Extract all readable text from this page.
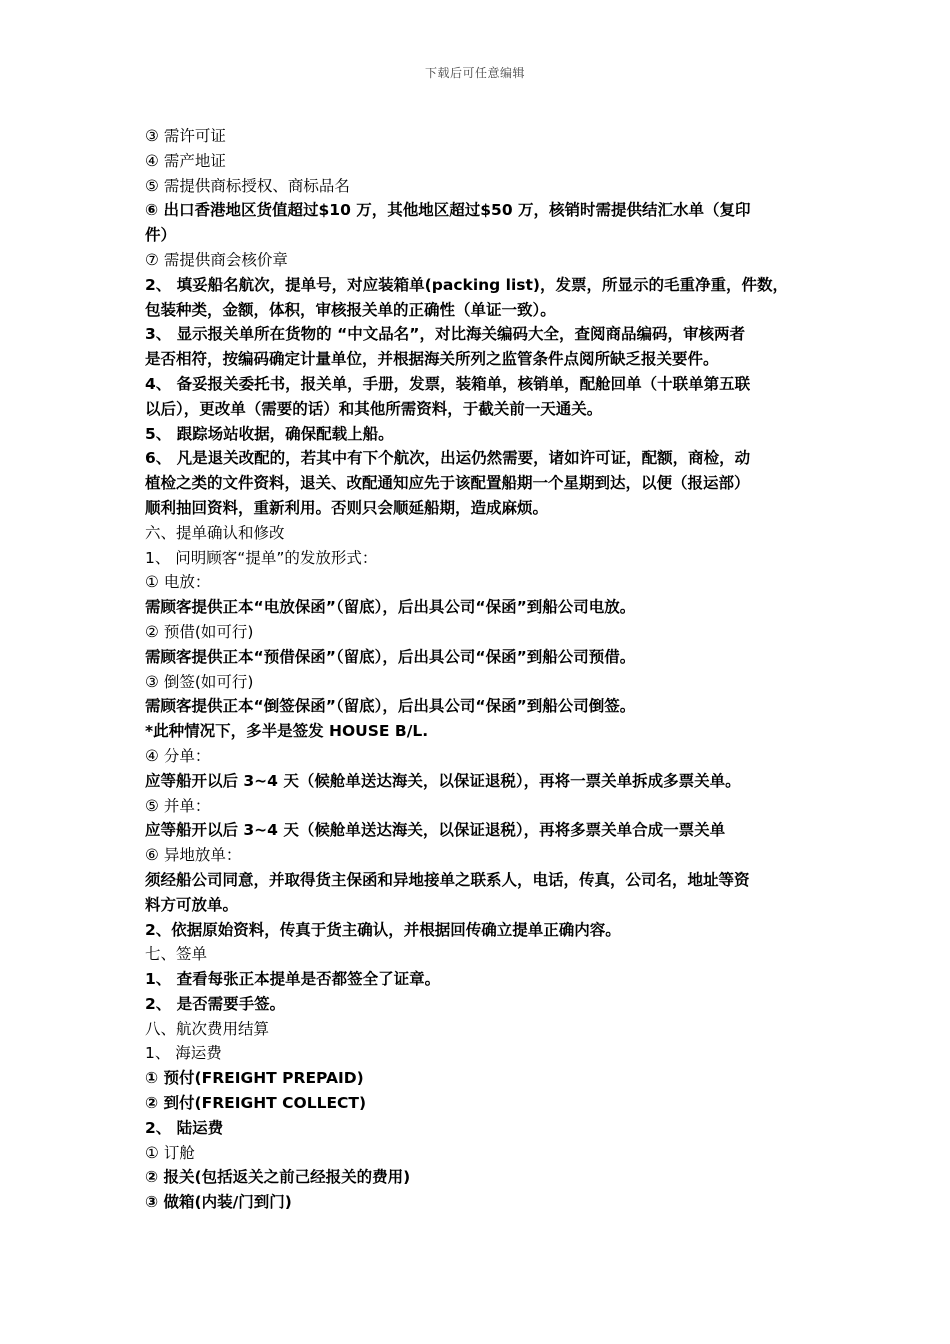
下载后可任意编辑
③ 需许可证
④ 需产地证
⑤ 需提供商标授权、商标品名
⑥ 出口香港地区货值超过$10 万，其他地区超过$50 万，核销时需提供结汇水单（复印
件）
⑦ 需提供商会核价章
2、 填妥船名航次，提单号，对应装箱单(packing list)，发票，所显示的毛重净重，件数，
包装种类，金额，体积，审核报关单的正确性（单证一致）。
3、 显示报关单所在货物的 “中文品名”，对比海关编码大全，查阅商品编码，审核两者
是否相符，按编码确定计量单位，并根据海关所列之监管条件点阅所缺乏报关要件。
4、 备妥报关委托书，报关单，手册，发票，装箱单，核销单，配舱回单（十联单第五联
以后），更改单（需要的话）和其他所需资料，于截关前一天通关。
5、 跟踪场站收据，确保配载上船。
6、 凡是退关改配的，若其中有下个航次，出运仍然需要，诸如许可证，配额，商检，动
植检之类的文件资料，退关、改配通知应先于该配置船期一个星期到达，以便（报运部）
顺利抽回资料，重新利用。否则只会顺延船期，造成麻烦。
六、提单确认和修改
1、 问明顾客“提单”的发放形式：
① 电放：
需顾客提供正本“电放保函”（留底），后出具公司“保函”到船公司电放。
② 预借(如可行)
需顾客提供正本“预借保函”（留底），后出具公司“保函”到船公司预借。
③ 倒签(如可行)
需顾客提供正本“倒签保函”（留底），后出具公司“保函”到船公司倒签。
*此种情况下，多半是签发 HOUSE B/L.
④ 分单：
应等船开以后 3~4 天（候舱单送达海关，以保证退税），再将一票关单拆成多票关单。
⑤ 并单：
应等船开以后 3~4 天（候舱单送达海关，以保证退税），再将多票关单合成一票关单
⑥ 异地放单：
须经船公司同意，并取得货主保函和异地接单之联系人，电话，传真，公司名，地址等资
料方可放单。
2、依据原始资料，传真于货主确认，并根据回传确立提单正确内容。
七、签单
1、 查看每张正本提单是否都签全了证章。
2、 是否需要手签。
八、航次费用结算
1、 海运费
① 预付(FREIGHT PREPAID)
② 到付(FREIGHT COLLECT)
2、 陆运费
① 订舱
② 报关(包括返关之前己经报关的费用)
③ 做箱(内装/门到门)
